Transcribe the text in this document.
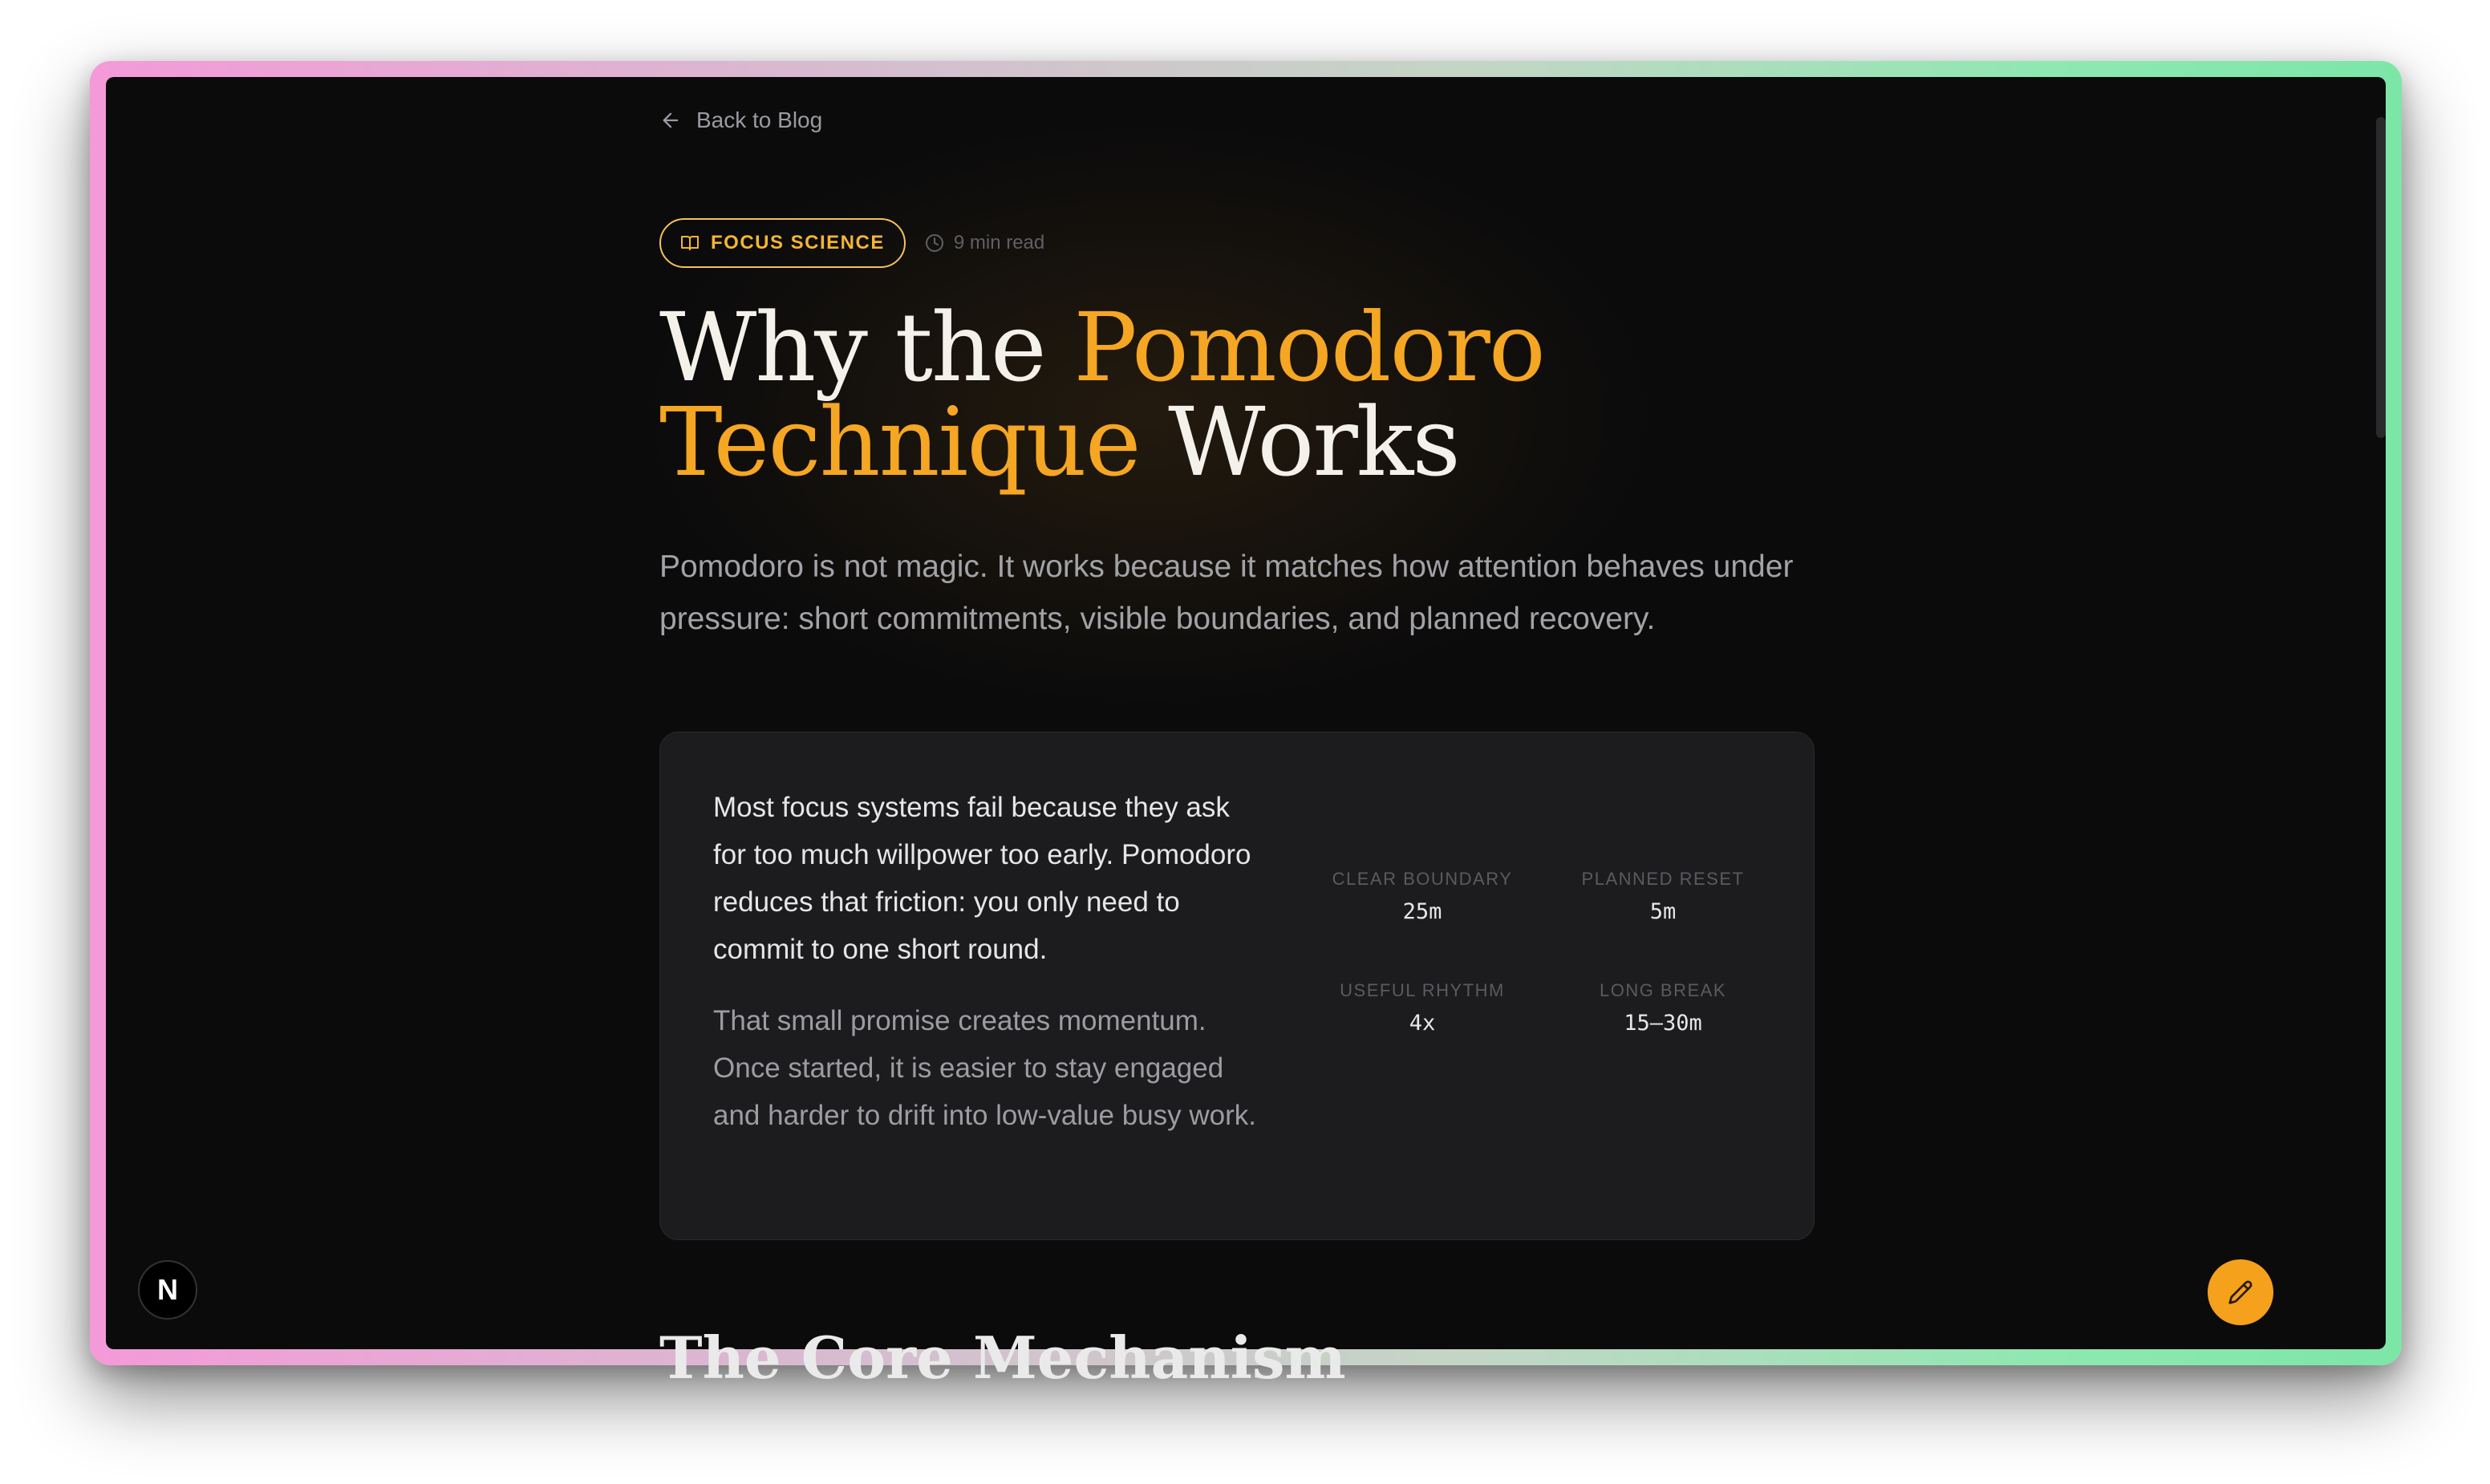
Back to Blog
FOCUS SCIENCE	9 min read
Why the Pomodoro
Technique Works

Pomodoro is not magic. It works because it matches how attention behaves under pressure: short commitments, visible boundaries, and planned recovery.

Most focus systems fail because they ask for too much willpower too early. Pomodoro reduces that friction: you only need to commit to one short round.

That small promise creates momentum. Once started, it is easier to stay engaged and harder to drift into low-value busy work.

CLEAR BOUNDARY
25m
PLANNED RESET
5m
USEFUL RHYTHM
4x
LONG BREAK
15–30m
The Core Mechanism
N
